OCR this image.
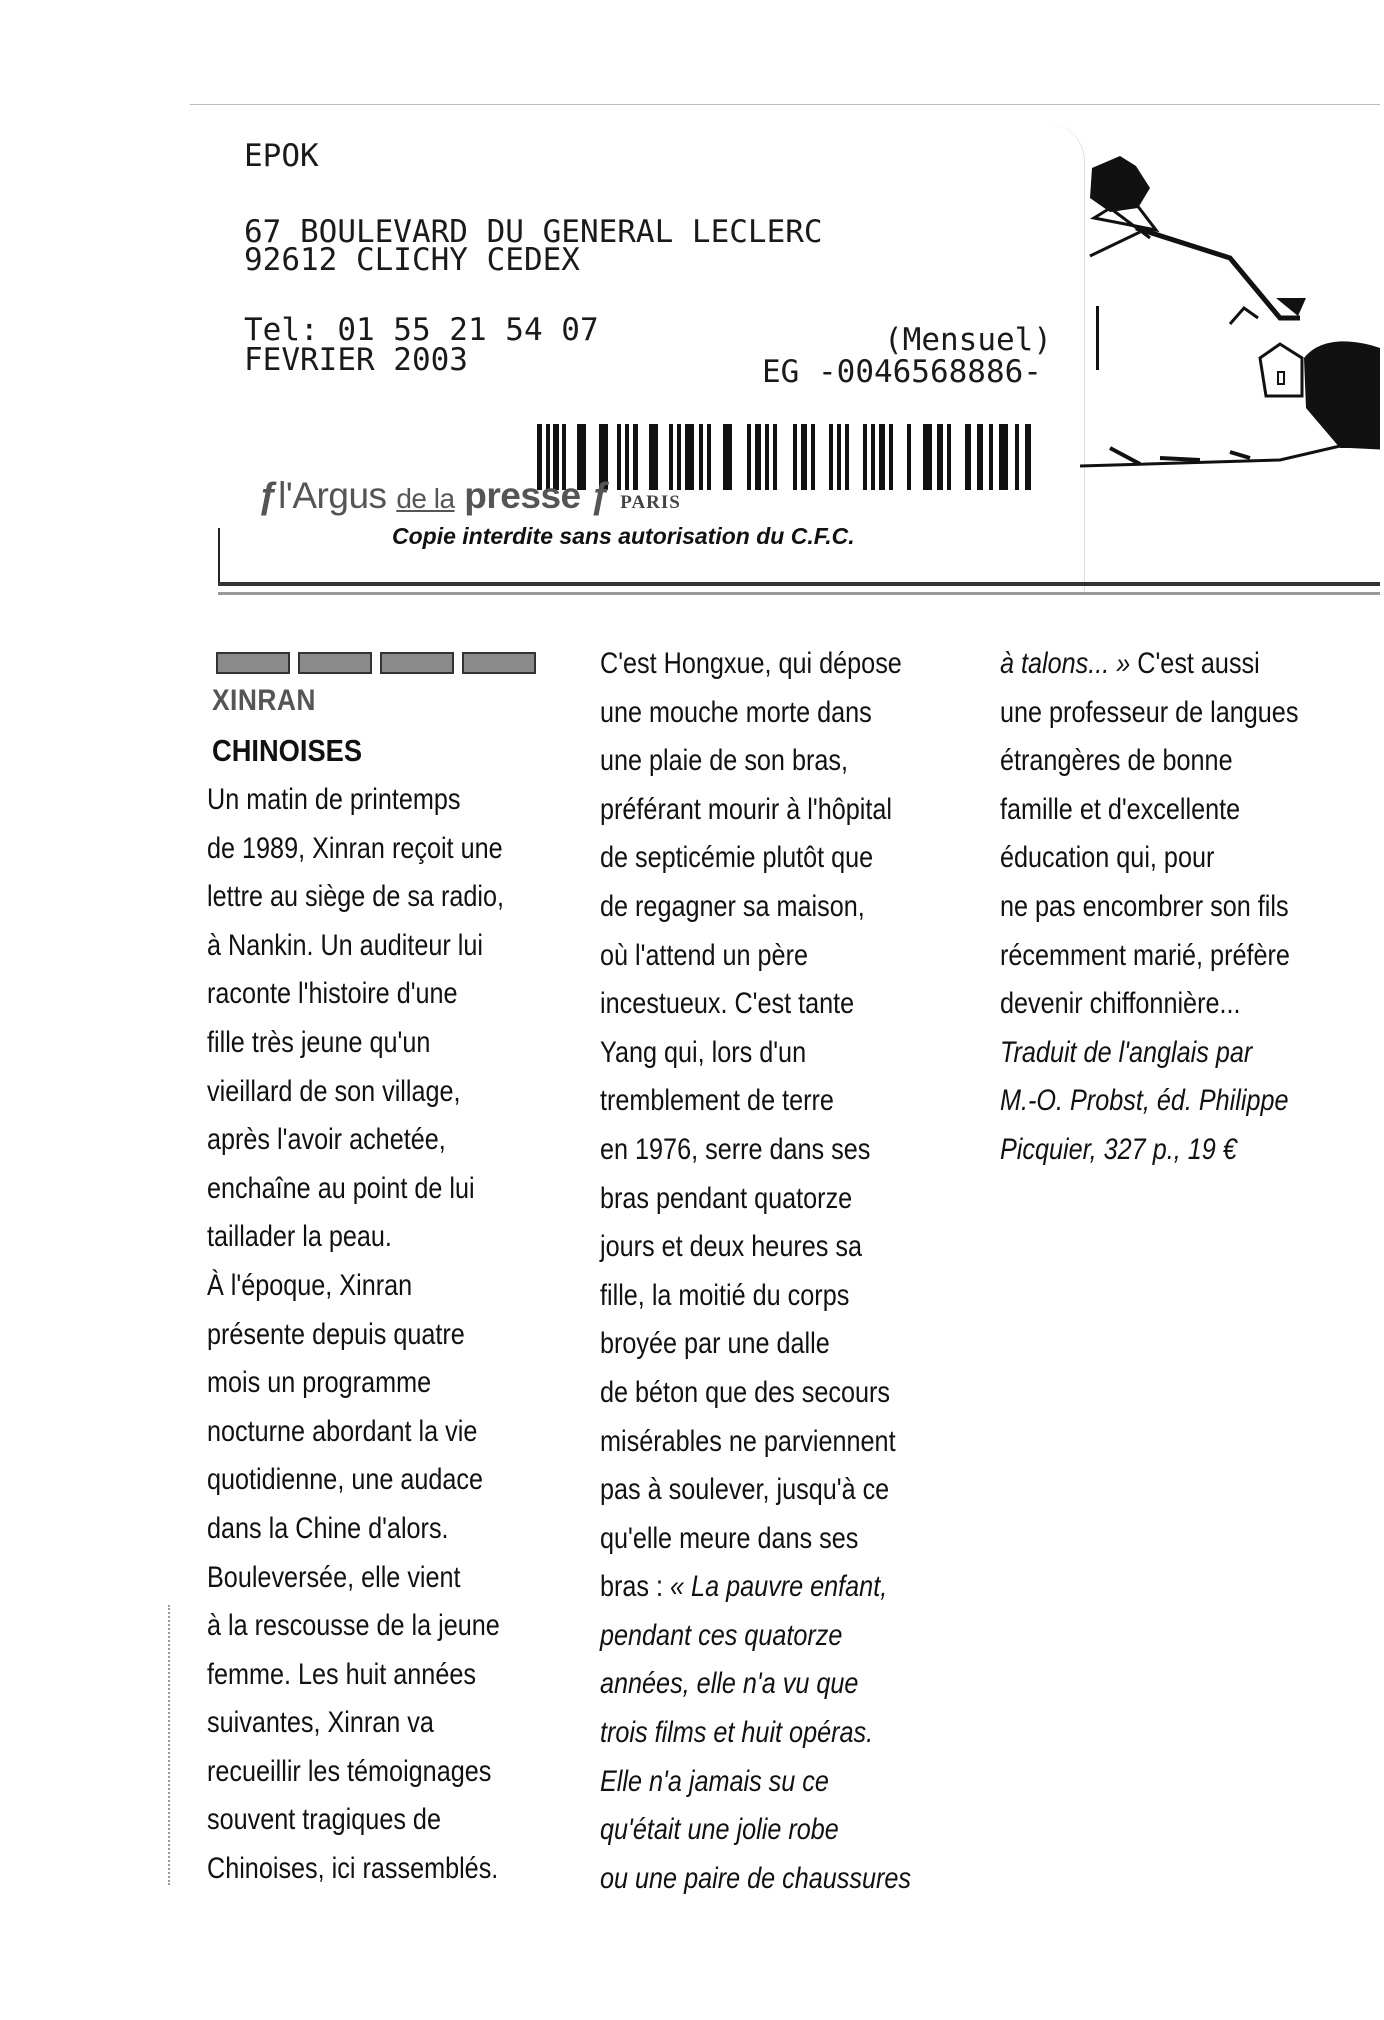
EPOK
67 BOULEVARD DU GENERAL LECLERC
92612 CLICHY CEDEX
Tel: 01 55 21 54 07
FEVRIER 2003
(Mensuel)
EG -0046568886-
ƒl'Argus de la presse ƒ PARIS
Copie interdite sans autorisation du C.F.C.
XINRAN
CHINOISES
Un matin de printemps
de 1989, Xinran reçoit une
lettre au siège de sa radio,
à Nankin. Un auditeur lui
raconte l'histoire d'une
fille très jeune qu'un
vieillard de son village,
après l'avoir achetée,
enchaîne au point de lui
taillader la peau.
À l'époque, Xinran
présente depuis quatre
mois un programme
nocturne abordant la vie
quotidienne, une audace
dans la Chine d'alors.
Bouleversée, elle vient
à la rescousse de la jeune
femme. Les huit années
suivantes, Xinran va
recueillir les témoignages
souvent tragiques de
Chinoises, ici rassemblés.
C'est Hongxue, qui dépose
une mouche morte dans
une plaie de son bras,
préférant mourir à l'hôpital
de septicémie plutôt que
de regagner sa maison,
où l'attend un père
incestueux. C'est tante
Yang qui, lors d'un
tremblement de terre
en 1976, serre dans ses
bras pendant quatorze
jours et deux heures sa
fille, la moitié du corps
broyée par une dalle
de béton que des secours
misérables ne parviennent
pas à soulever, jusqu'à ce
qu'elle meure dans ses
bras : « La pauvre enfant,
pendant ces quatorze
années, elle n'a vu que
trois films et huit opéras.
Elle n'a jamais su ce
qu'était une jolie robe
ou une paire de chaussures
à talons... » C'est aussi
une professeur de langues
étrangères de bonne
famille et d'excellente
éducation qui, pour
ne pas encombrer son fils
récemment marié, préfère
devenir chiffonnière...
Traduit de l'anglais par
M.-O. Probst, éd. Philippe
Picquier, 327 p., 19 €
